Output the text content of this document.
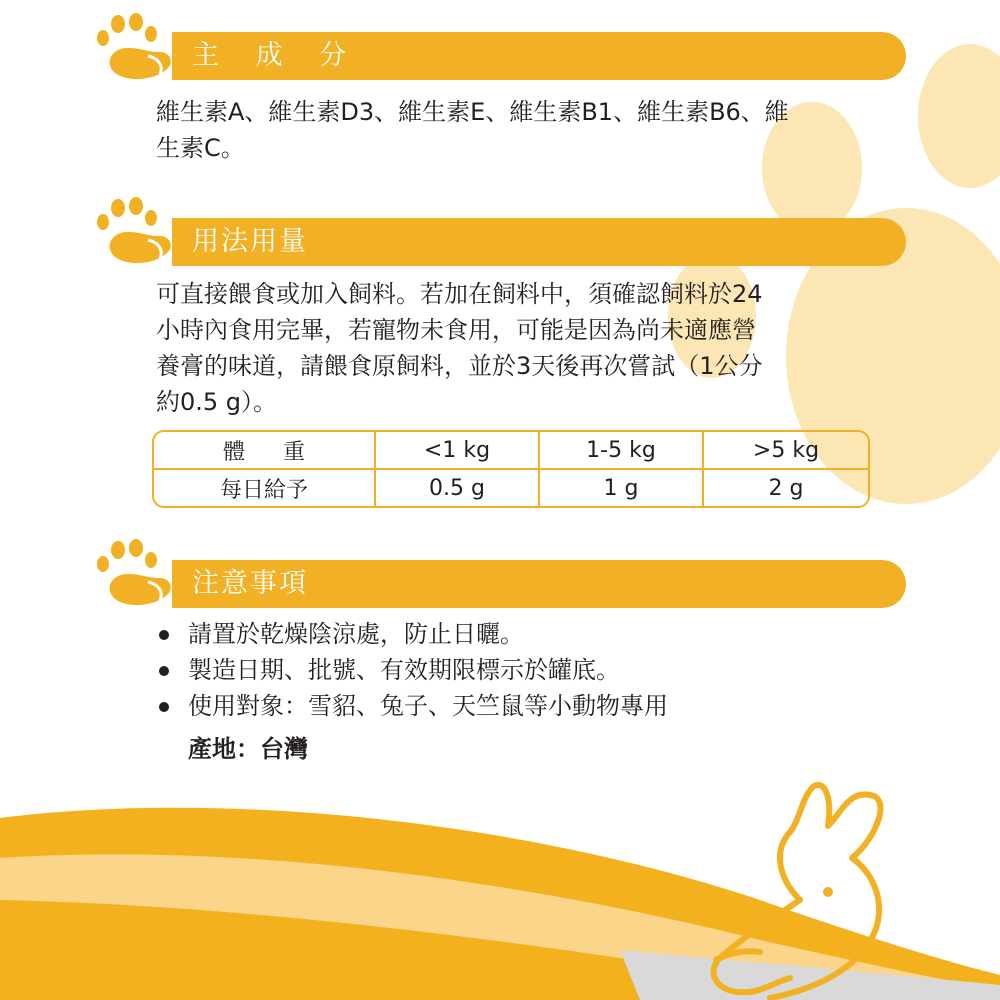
主 成 分

維生素A、維生素D3、維生素E、維生素B1、維生素B6、維
生素C。

用法用量

可直接餵食或加入飼料。若加在飼料中，須確認飼料於24
小時內食用完畢，若寵物未食用，可能是因為尚未適應營
養膏的味道，請餵食原飼料，並於3天後再次嘗試（1公分
約0.5 g）。

體重	<1 kg	1-5 kg	>5 kg
每日給予	0.5 g	1 g	2 g
注意事項
請置於乾燥陰涼處，防止日曬。
製造日期、批號、有效期限標示於罐底。
使用對象：雪貂、兔子、天竺鼠等小動物專用
產地：台灣
